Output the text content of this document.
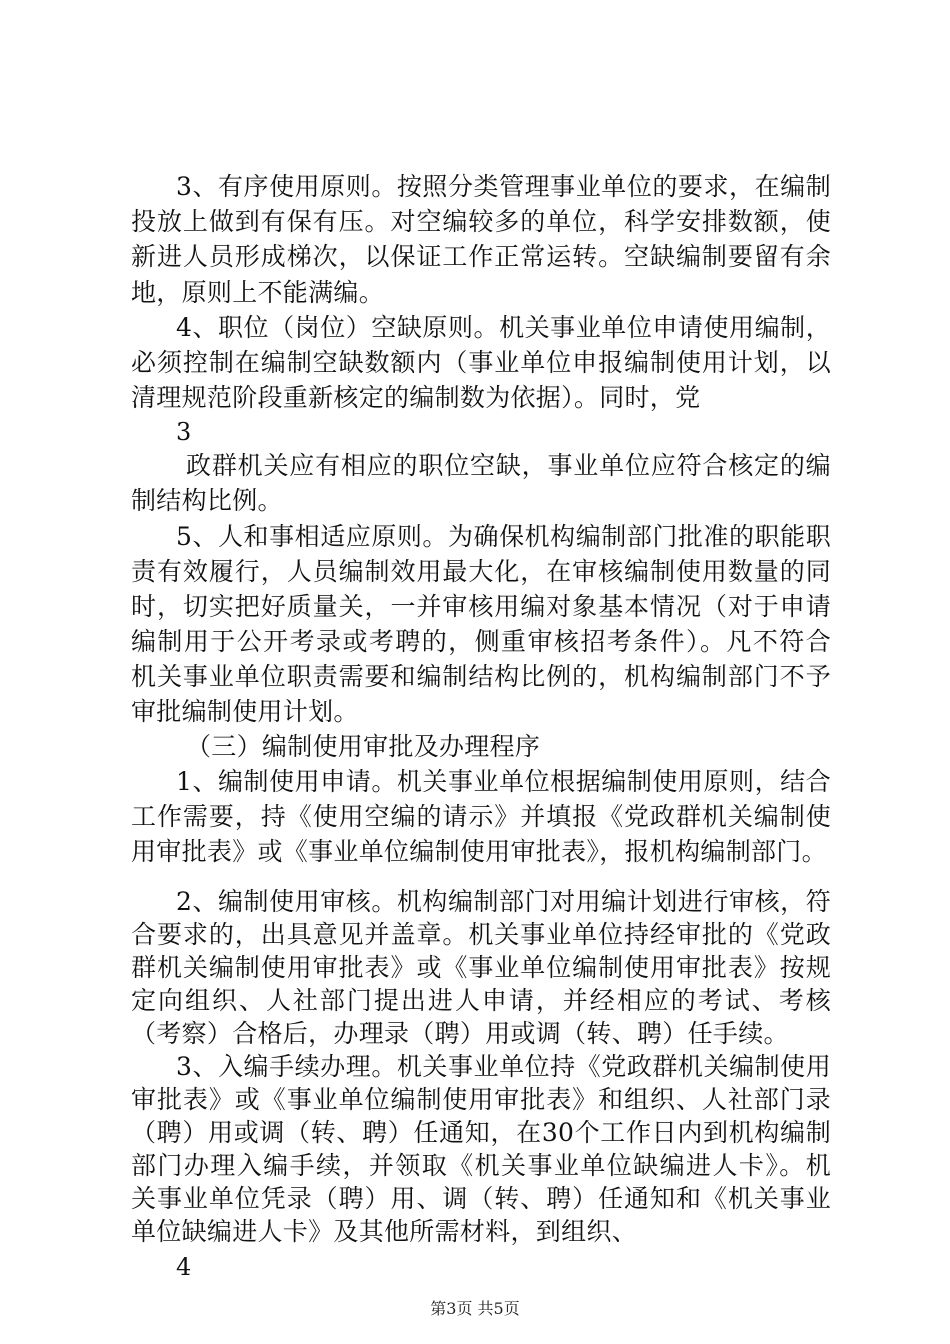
3、有序使用原则。按照分类管理事业单位的要求，在编制
投放上做到有保有压。对空编较多的单位，科学安排数额，使
新进人员形成梯次，以保证工作正常运转。空缺编制要留有余
地，原则上不能满编。
4、职位（岗位）空缺原则。机关事业单位申请使用编制，
必须控制在编制空缺数额内（事业单位申报编制使用计划，以
清理规范阶段重新核定的编制数为依据）。同时，党
3
政群机关应有相应的职位空缺，事业单位应符合核定的编
制结构比例。
5、人和事相适应原则。为确保机构编制部门批准的职能职
责有效履行，人员编制效用最大化，在审核编制使用数量的同
时，切实把好质量关，一并审核用编对象基本情况（对于申请
编制用于公开考录或考聘的，侧重审核招考条件）。凡不符合
机关事业单位职责需要和编制结构比例的，机构编制部门不予
审批编制使用计划。
（三）编制使用审批及办理程序
1、编制使用申请。机关事业单位根据编制使用原则，结合
工作需要，持《使用空编的请示》并填报《党政群机关编制使
用审批表》或《事业单位编制使用审批表》，报机构编制部门。
2、编制使用审核。机构编制部门对用编计划进行审核，符
合要求的，出具意见并盖章。机关事业单位持经审批的《党政
群机关编制使用审批表》或《事业单位编制使用审批表》按规
定向组织、人社部门提出进人申请，并经相应的考试、考核
（考察）合格后，办理录（聘）用或调（转、聘）任手续。
3、入编手续办理。机关事业单位持《党政群机关编制使用
审批表》或《事业单位编制使用审批表》和组织、人社部门录
（聘）用或调（转、聘）任通知，在30个工作日内到机构编制
部门办理入编手续，并领取《机关事业单位缺编进人卡》。机
第3页 共5页
关事业单位凭录（聘）用、调（转、聘）任通知和《机关事业
单位缺编进人卡》及其他所需材料，到组织、
4
